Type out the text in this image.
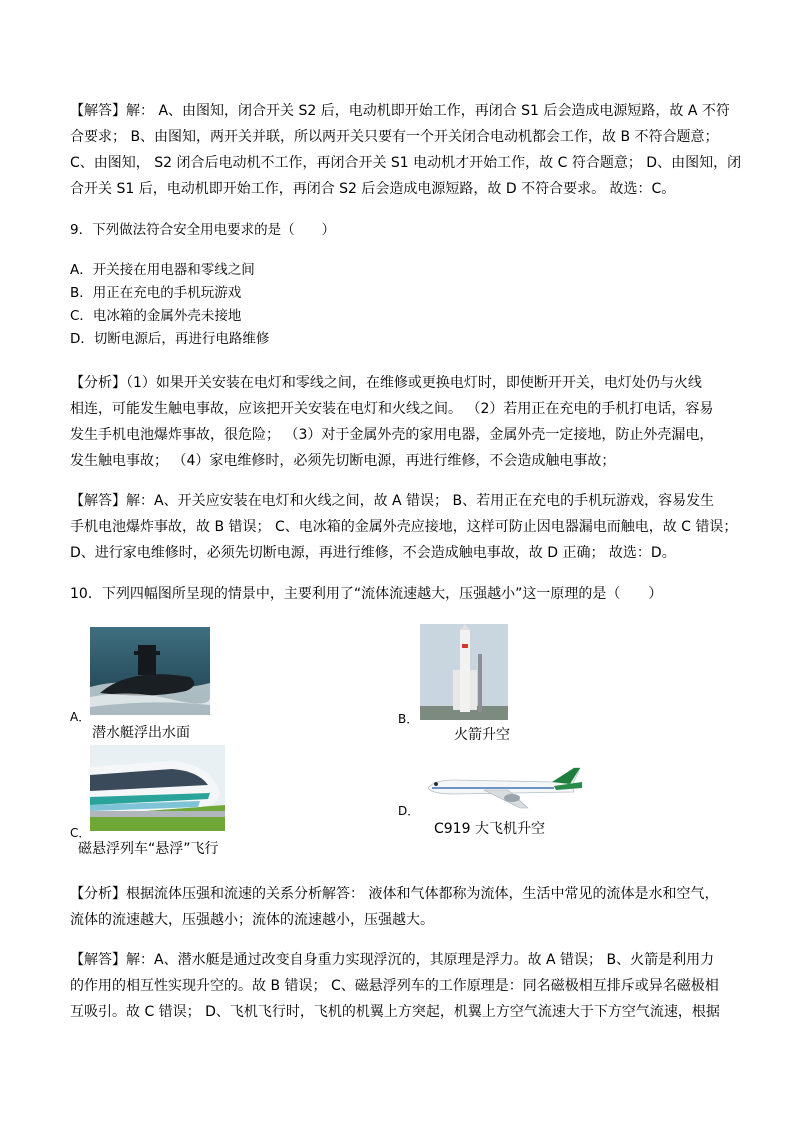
【解答】解： A、由图知，闭合开关 S2 后，电动机即开始工作，再闭合 S1 后会造成电源短路，故 A 不符
合要求； B、由图知，两开关并联，所以两开关只要有一个开关闭合电动机都会工作，故 B 不符合题意；
C、由图知， S2 闭合后电动机不工作，再闭合开关 S1 电动机才开始工作，故 C 符合题意； D、由图知，闭
合开关 S1 后，电动机即开始工作，再闭合 S2 后会造成电源短路，故 D 不符合要求。 故选：C。
9．下列做法符合安全用电要求的是（　　）
A．开关接在用电器和零线之间
B．用正在充电的手机玩游戏
C．电冰箱的金属外壳未接地
D．切断电源后，再进行电路维修
【分析】（1）如果开关安装在电灯和零线之间，在维修或更换电灯时，即使断开开关，电灯处仍与火线
相连，可能发生触电事故，应该把开关安装在电灯和火线之间。 （2）若用正在充电的手机打电话，容易
发生手机电池爆炸事故，很危险； （3）对于金属外壳的家用电器，金属外壳一定接地，防止外壳漏电，
发生触电事故； （4）家电维修时，必须先切断电源，再进行维修，不会造成触电事故；
【解答】解：A、开关应安装在电灯和火线之间，故 A 错误； B、若用正在充电的手机玩游戏，容易发生
手机电池爆炸事故，故 B 错误； C、电冰箱的金属外壳应接地，这样可防止因电器漏电而触电，故 C 错误；
D、进行家电维修时，必须先切断电源，再进行维修，不会造成触电事故，故 D 正确； 故选：D。
10．下列四幅图所呈现的情景中，主要利用了“流体流速越大，压强越小”这一原理的是（　　）
A．
潜水艇浮出水面
B．
火箭升空
C．
磁悬浮列车“悬浮”飞行
D．
C919 大飞机升空
【分析】根据流体压强和流速的关系分析解答： 液体和气体都称为流体，生活中常见的流体是水和空气，
流体的流速越大，压强越小；流体的流速越小，压强越大。
【解答】解：A、潜水艇是通过改变自身重力实现浮沉的，其原理是浮力。故 A 错误； B、火箭是利用力
的作用的相互性实现升空的。故 B 错误； C、磁悬浮列车的工作原理是：同名磁极相互排斥或异名磁极相
互吸引。故 C 错误； D、飞机飞行时，飞机的机翼上方突起，机翼上方空气流速大于下方空气流速，根据
